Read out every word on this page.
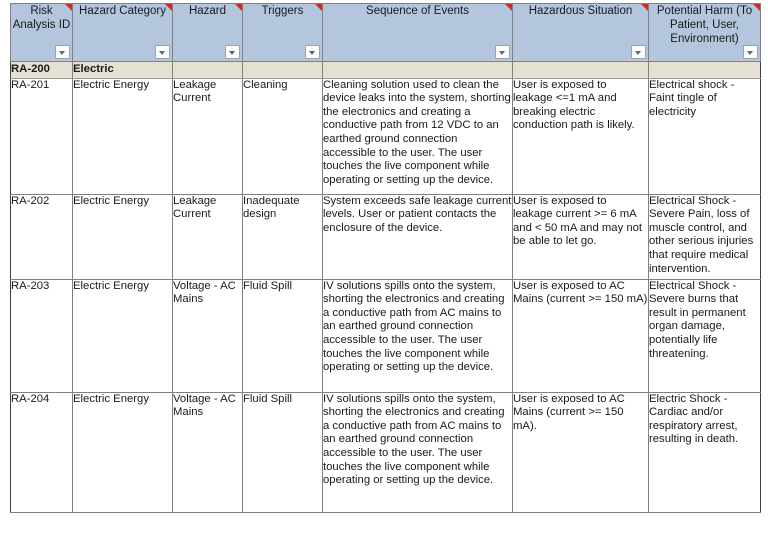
Risk Analysis ID	Hazard Category	Hazard	Triggers	Sequence of Events	Hazardous Situation	Potential Harm (To Patient, User, Environment)

RA-200	Electric					
RA-201	Electric Energy	Leakage Current	Cleaning	Cleaning solution used to clean the device leaks into the system, shorting the electronics and creating a conductive path from 12 VDC to an earthed ground connection accessible to the user. The user touches the live component while operating or setting up the device.	User is exposed to leakage <=1 mA and breaking electric conduction path is likely.	Electrical shock - Faint tingle of electricity
RA-202	Electric Energy	Leakage Current	Inadequate design	System exceeds safe leakage current levels. User or patient contacts the enclosure of the device.	User is exposed to leakage current >= 6 mA and < 50 mA and may not be able to let go.	Electrical Shock - Severe Pain, loss of muscle control, and other serious injuries that require medical intervention.
RA-203	Electric Energy	Voltage - AC Mains	Fluid Spill	IV solutions spills onto the system, shorting the electronics and creating a conductive path from AC mains to an earthed ground connection accessible to the user. The user touches the live component while operating or setting up the device.	User is exposed to AC Mains (current >= 150 mA)	Electrical Shock - Severe burns that result in permanent organ damage, potentially life threatening.
RA-204	Electric Energy	Voltage - AC Mains	Fluid Spill	IV solutions spills onto the system, shorting the electronics and creating a conductive path from AC mains to an earthed ground connection accessible to the user. The user touches the live component while operating or setting up the device.	User is exposed to AC Mains (current >= 150 mA).	Electric Shock - Cardiac and/or respiratory arrest, resulting in death.
